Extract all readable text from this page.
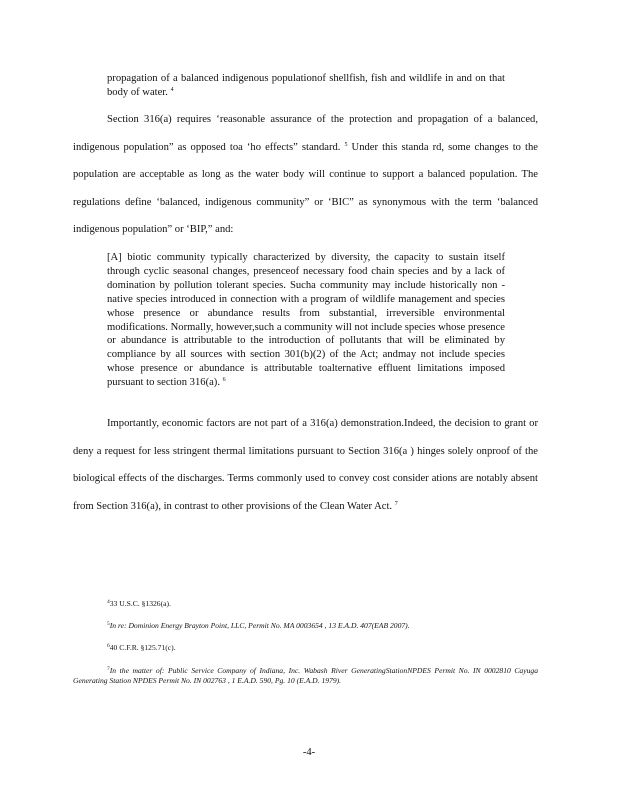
propagation of a balanced indigenous populationof shellfish, fish and wildlife in and on that body of water. $^4$
Section 316(a) requires ‘reasonable assurance of the protection and propagation of a balanced, indigenous population” as opposed toa ‘ho effects” standard. $^5$ Under this standa rd, some changes to the population are acceptable as long as the water body will continue to support a balanced population. The regulations define ‘balanced, indigenous community” or ‘BIC” as synonymous with the term ‘balanced indigenous population” or ‘BIP,” and:
[A] biotic community typically characterized by diversity, the capacity to sustain itself through cyclic seasonal changes, presenceof necessary food chain species and by a lack of domination by pollution tolerant species. Sucha community may include historically non -native species introduced in connection with a program of wildlife management and species whose presence or abundance results from substantial, irreversible environmental modifications. Normally, however,such a community will not include species whose presence or abundance is attributable to the introduction of pollutants that will be eliminated by compliance by all sources with section 301(b)(2) of the Act; andmay not include species whose presence or abundance is attributable toalternative effluent limitations imposed pursuant to section 316(a). $^6$
Importantly, economic factors are not part of a 316(a) demonstration.Indeed, the decision to grant or deny a request for less stringent thermal limitations pursuant to Section 316(a ) hinges solely onproof of the biological effects of the discharges. Terms commonly used to convey cost consider ations are notably absent from Section 316(a), in contrast to other provisions of the Clean Water Act. $^7$
$^4$33 U.S.C. §1326(a).
$^5$In re: Dominion Energy Brayton Point, LLC, Permit No. MA 0003654 , 13 E.A.D. 407(EAB 2007).
$^6$40 C.F.R. §125.71(c).
$^7$In the matter of: Public Service Company of Indiana, Inc. Wabash River GeneratingStationNPDES Permit No. IN 0002810 Cayuga Generating Station NPDES Permit No. IN 002763 , 1 E.A.D. 590, Pg. 10 (E.A.D. 1979).
-4-
